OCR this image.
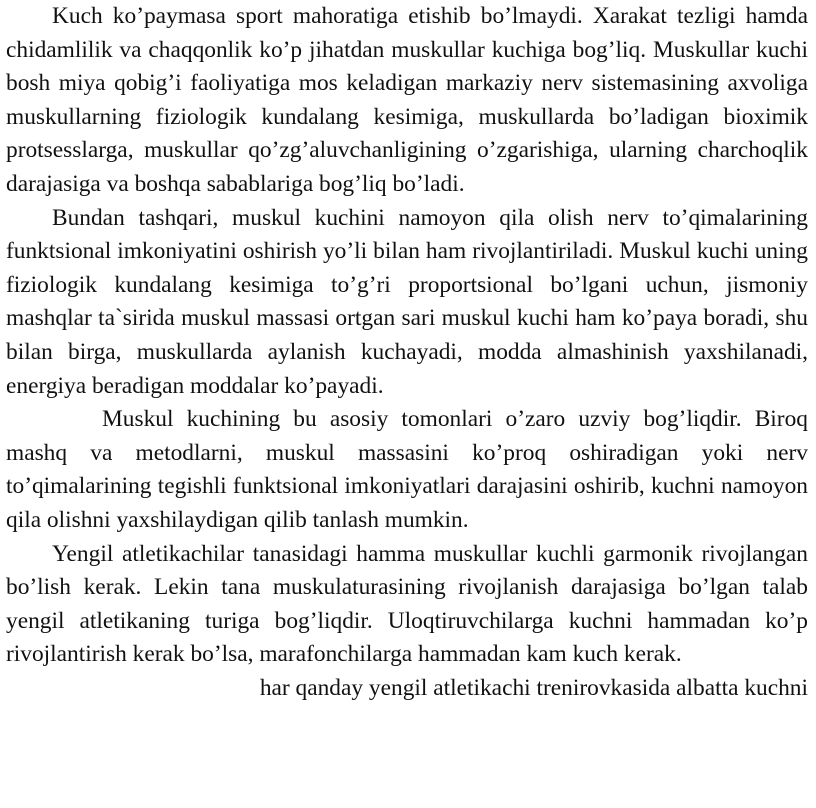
Kuch ko’paymasa sport mahoratiga etishib bo’lmaydi. Xarakat tezligi hamda chidamlilik va chaqqonlik ko’p jihatdan muskullar kuchiga bog’liq. Muskullar kuchi bosh miya qobig’i faoliyatiga mos keladigan markaziy nerv sistemasining axvoliga muskullarning fiziologik kundalang kesimiga, muskullarda bo’ladigan bioximik protsesslarga, muskullar qo’zg’aluvchanligining o’zgarishiga, ularning charchoqlik darajasiga va boshqa sabablariga bog’liq bo’ladi.

Bundan tashqari, muskul kuchini namoyon qila olish nerv to’qimalarining funktsional imkoniyatini oshirish yo’li bilan ham rivojlantiriladi. Muskul kuchi uning fiziologik kundalang kesimiga to’g’ri proportsional bo’lgani uchun, jismoniy mashqlar ta`sirida muskul massasi ortgan sari muskul kuchi ham ko’paya boradi, shu bilan birga, muskullarda aylanish kuchayadi, modda almashinish yaxshilanadi, energiya beradigan moddalar ko’payadi.

Muskul kuchining bu asosiy tomonlari o’zaro uzviy bog’liqdir. Biroq mashq va metodlarni, muskul massasini ko’proq oshiradigan yoki nerv to’qimalarining tegishli funktsional imkoniyatlari darajasini oshirib, kuchni namoyon qila olishni yaxshilaydigan qilib tanlash mumkin.

Yengil atletikachilar tanasidagi hamma muskullar kuchli garmonik rivojlangan bo’lish kerak. Lekin tana muskulaturasining rivojlanish darajasiga bo’lgan talab yengil atletikaning turiga bog’liqdir. Uloqtiruvchilarga kuchni hammadan ko’p rivojlantirish kerak bo’lsa, marafonchilarga hammadan kam kuch kerak.

har qanday yengil atletikachi trenirovkasida albatta kuchni
